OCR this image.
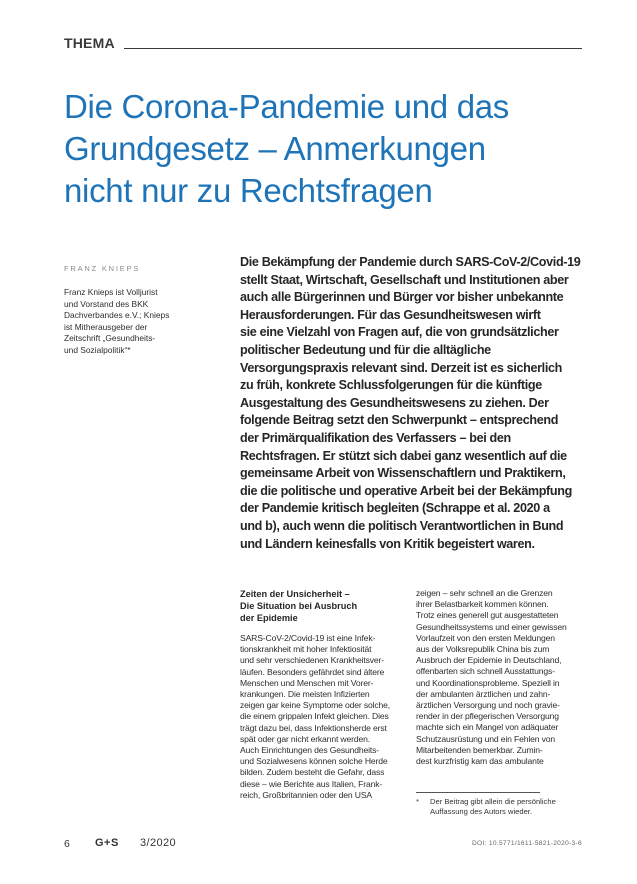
THEMA
Die Corona-Pandemie und das
Grundgesetz – Anmerkungen
nicht nur zu Rechtsfragen
FRANZ KNIEPS
Franz Knieps ist Volljurist
und Vorstand des BKK
Dachverbandes e.V.; Knieps
ist Mitherausgeber der
Zeitschrift „Gesundheits-
und Sozialpolitik“*
Die Bekämpfung der Pandemie durch SARS-CoV-2/Covid-19
stellt Staat, Wirtschaft, Gesellschaft und Institutionen aber
auch alle Bürgerinnen und Bürger vor bisher unbekannte
Herausforderungen. Für das Gesundheitswesen wirft
sie eine Vielzahl von Fragen auf, die von grundsätzlicher
politischer Bedeutung und für die alltägliche
Versorgungspraxis relevant sind. Derzeit ist es sicherlich
zu früh, konkrete Schlussfolgerungen für die künftige
Ausgestaltung des Gesundheitswesens zu ziehen. Der
folgende Beitrag setzt den Schwerpunkt – entsprechend
der Primärqualifikation des Verfassers – bei den
Rechtsfragen. Er stützt sich dabei ganz wesentlich auf die
gemeinsame Arbeit von Wissenschaftlern und Praktikern,
die die politische und operative Arbeit bei der Bekämpfung
der Pandemie kritisch begleiten (Schrappe et al. 2020 a
und b), auch wenn die politisch Verantwortlichen in Bund
und Ländern keinesfalls von Kritik begeistert waren.
Zeiten der Unsicherheit –
Die Situation bei Ausbruch
der Epidemie
SARS-CoV-2/Covid-19 ist eine Infek-
tionskrankheit mit hoher Infektiosität
und sehr verschiedenen Krankheitsver-
läufen. Besonders gefährdet sind ältere
Menschen und Menschen mit Vorer-
krankungen. Die meisten Infizierten
zeigen gar keine Symptome oder solche,
die einem grippalen Infekt gleichen. Dies
trägt dazu bei, dass Infektionsherde erst
spät oder gar nicht erkannt werden.
Auch Einrichtungen des Gesundheits-
und Sozialwesens können solche Herde
bilden. Zudem besteht die Gefahr, dass
diese – wie Berichte aus Italien, Frank-
reich, Großbritannien oder den USA
zeigen – sehr schnell an die Grenzen
ihrer Belastbarkeit kommen können.
Trotz eines generell gut ausgestatteten
Gesundheitssystems und einer gewissen
Vorlaufzeit von den ersten Meldungen
aus der Volksrepublik China bis zum
Ausbruch der Epidemie in Deutschland,
offenbarten sich schnell Ausstattungs-
und Koordinationsprobleme. Speziell in
der ambulanten ärztlichen und zahn-
ärztlichen Versorgung und noch gravie-
render in der pflegerischen Versorgung
machte sich ein Mangel von adäquater
Schutzausrüstung und ein Fehlen von
Mitarbeitenden bemerkbar. Zumin-
dest kurzfristig kam das ambulante
* Der Beitrag gibt allein die persönliche
Auffassung des Autors wieder.
6 G+S 3/2020	DOI: 10.5771/1611-5821-2020-3-6
